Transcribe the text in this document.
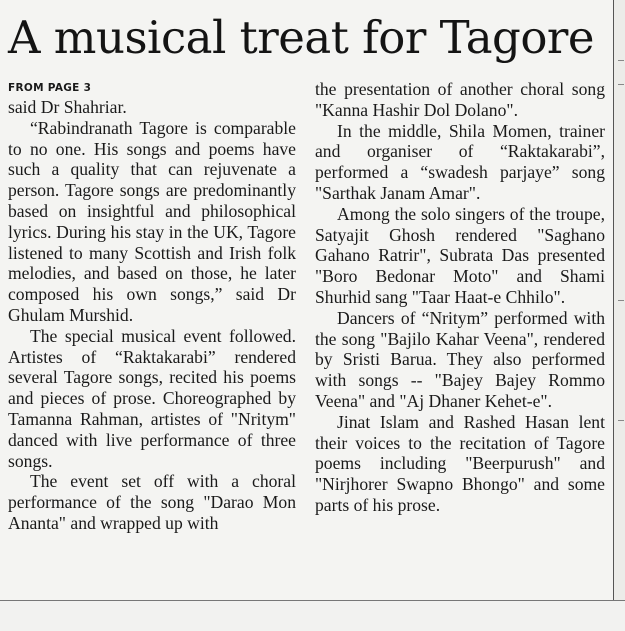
A musical treat for Tagore
FROM PAGE 3
said Dr Shahriar.
“Rabindranath Tagore is comparable to no one. His songs and poems have such a quality that can rejuvenate a person. Tagore songs are predominantly based on insightful and philosophical lyrics. During his stay in the UK, Tagore listened to many Scottish and Irish folk melodies, and based on those, he later composed his own songs,” said Dr Ghulam Murshid.
The special musical event followed. Artistes of “Raktakarabi” rendered several Tagore songs, recited his poems and pieces of prose. Choreographed by Tamanna Rahman, artistes of "Nritym" danced with live performance of three songs.
The event set off with a choral performance of the song "Darao Mon Ananta" and wrapped up with
the presentation of another choral song "Kanna Hashir Dol Dolano".
In the middle, Shila Momen, trainer and organiser of “Raktakarabi”, performed a “swadesh parjaye” song "Sarthak Janam Amar".
Among the solo singers of the troupe, Satyajit Ghosh rendered "Saghano Gahano Ratrir", Subrata Das presented "Boro Bedonar Moto" and Shami Shurhid sang "Taar Haat-e Chhilo".
Dancers of “Nritym” performed with the song "Bajilo Kahar Veena", rendered by Sristi Barua. They also performed with songs -- "Bajey Bajey Rommo Veena" and "Aj Dhaner Kehet-e".
Jinat Islam and Rashed Hasan lent their voices to the recitation of Tagore poems including "Beerpurush" and "Nirjhorer Swapno Bhongo" and some parts of his prose.
